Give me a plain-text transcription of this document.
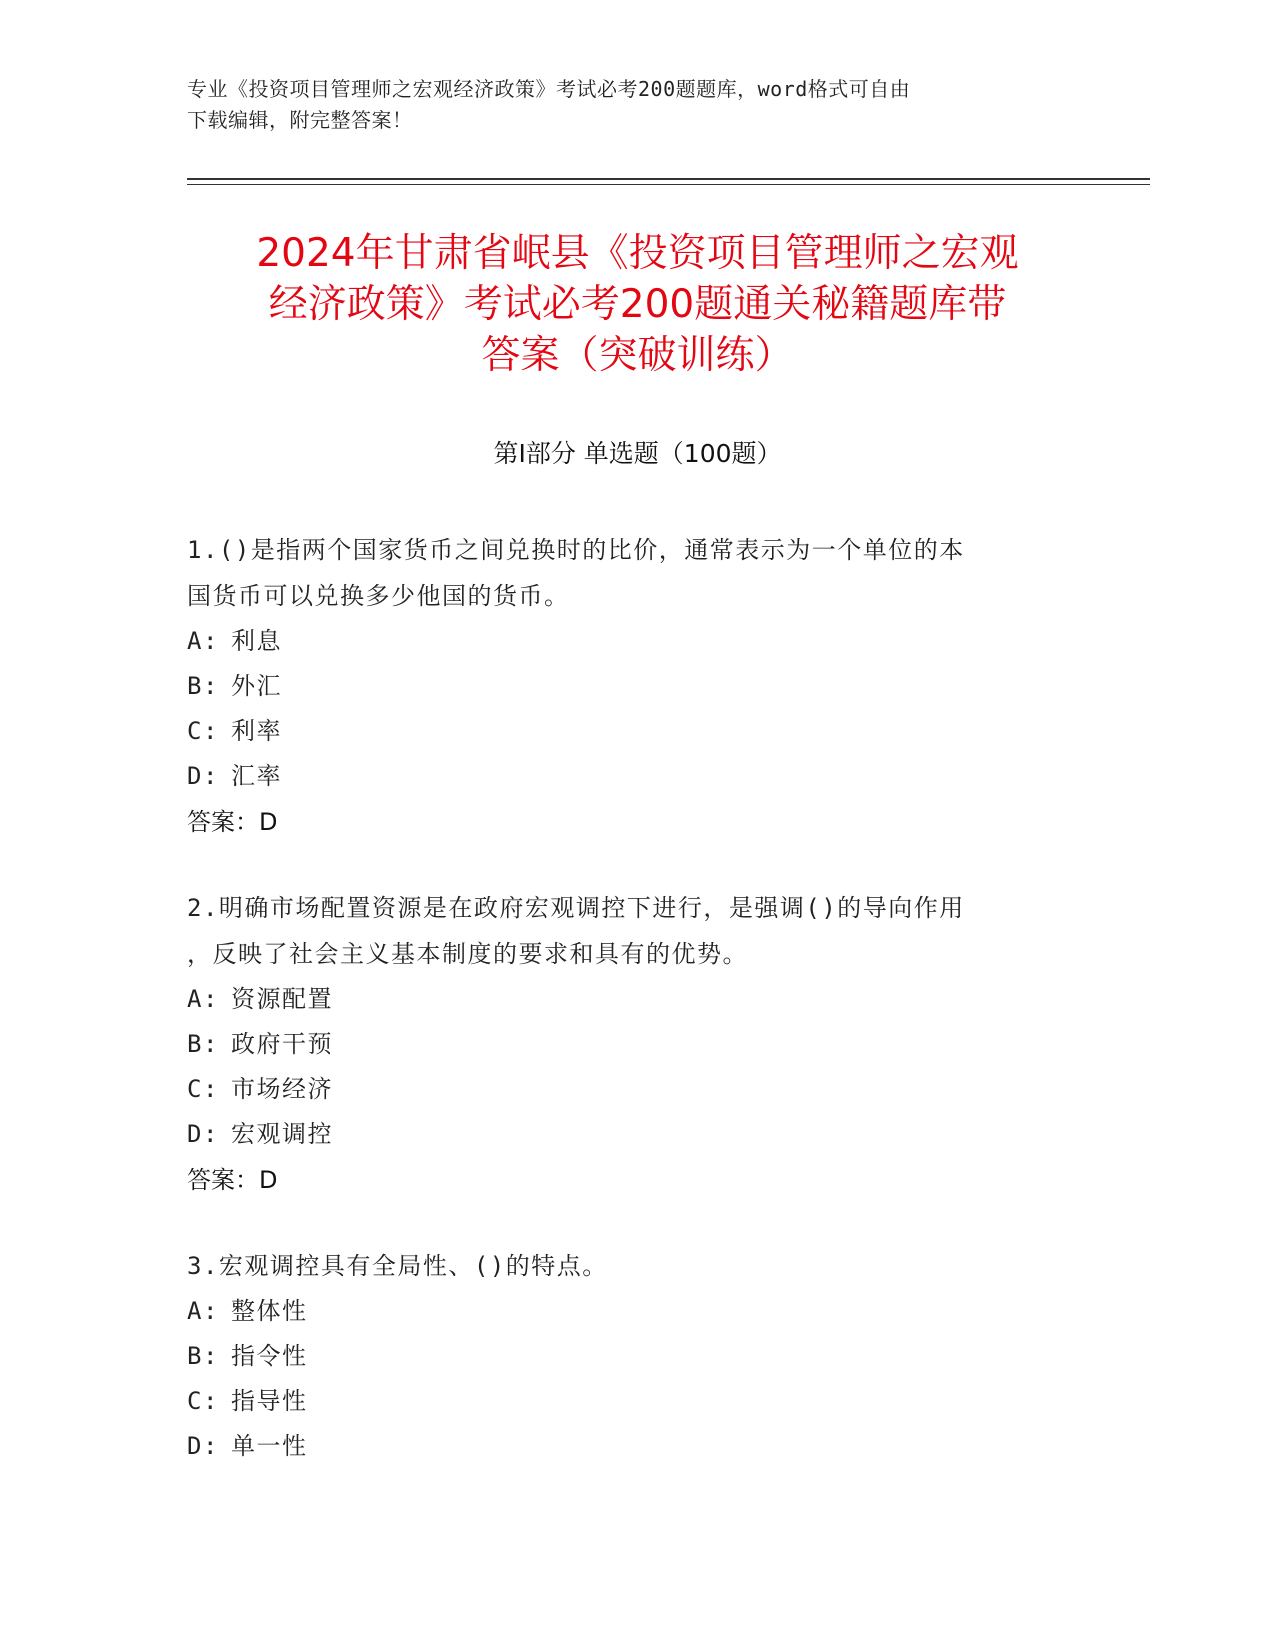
专业《投资项目管理师之宏观经济政策》考试必考200题题库，word格式可自由
下载编辑，附完整答案！
2024年甘肃省岷县《投资项目管理师之宏观
经济政策》考试必考200题通关秘籍题库带
答案（突破训练）
第Ⅰ部分 单选题（100题）
1.()是指两个国家货币之间兑换时的比价，通常表示为一个单位的本
国货币可以兑换多少他国的货币。
A: 利息
B: 外汇
C: 利率
D: 汇率
答案：D
2.明确市场配置资源是在政府宏观调控下进行，是强调()的导向作用
，反映了社会主义基本制度的要求和具有的优势。
A: 资源配置
B: 政府干预
C: 市场经济
D: 宏观调控
答案：D
3.宏观调控具有全局性、()的特点。
A: 整体性
B: 指令性
C: 指导性
D: 单一性
